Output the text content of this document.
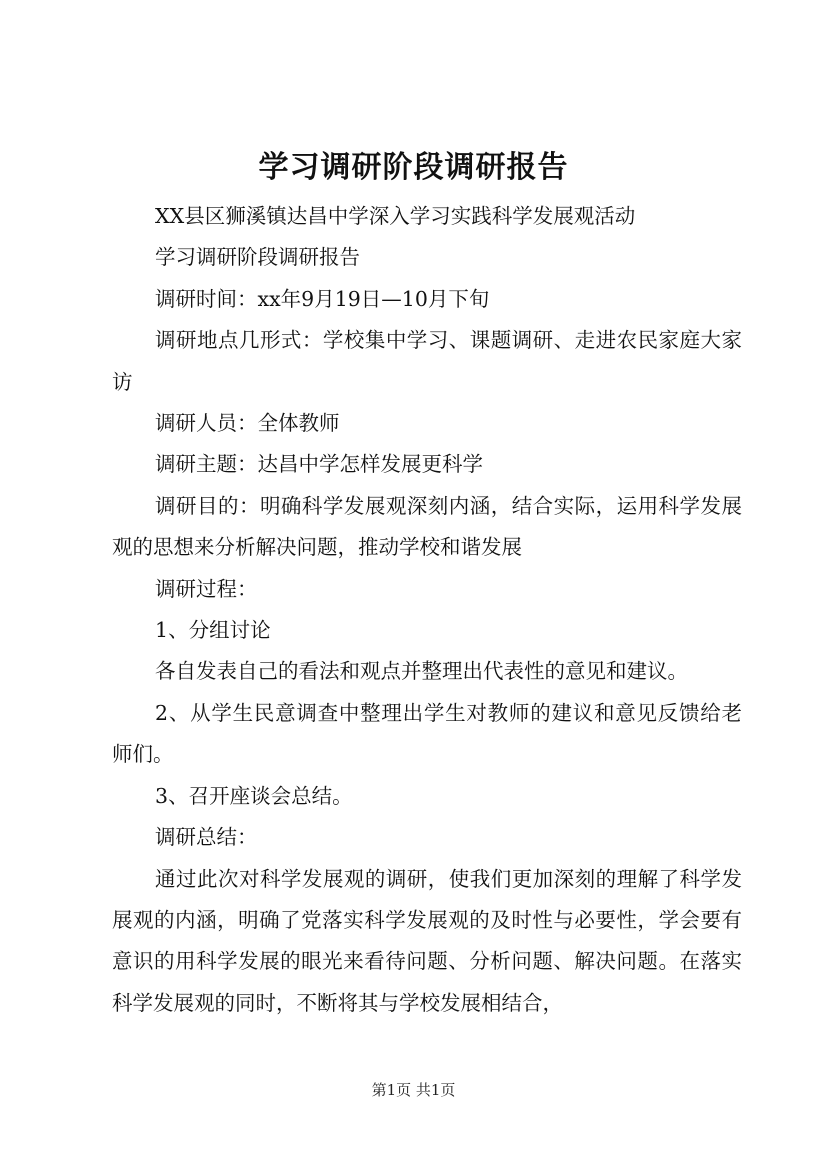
学习调研阶段调研报告

XX县区狮溪镇达昌中学深入学习实践科学发展观活动

学习调研阶段调研报告

调研时间：xx年9月19日—10月下旬

调研地点几形式：学校集中学习、课题调研、走进农民家庭大家访

调研人员：全体教师

调研主题：达昌中学怎样发展更科学

调研目的：明确科学发展观深刻内涵，结合实际，运用科学发展观的思想来分析解决问题，推动学校和谐发展

调研过程：

1、分组讨论

各自发表自己的看法和观点并整理出代表性的意见和建议。

2、从学生民意调查中整理出学生对教师的建议和意见反馈给老师们。

3、召开座谈会总结。

调研总结：

通过此次对科学发展观的调研，使我们更加深刻的理解了科学发展观的内涵，明确了党落实科学发展观的及时性与必要性，学会要有意识的用科学发展的眼光来看待问题、分析问题、解决问题。在落实科学发展观的同时，不断将其与学校发展相结合，

第1页 共1页
